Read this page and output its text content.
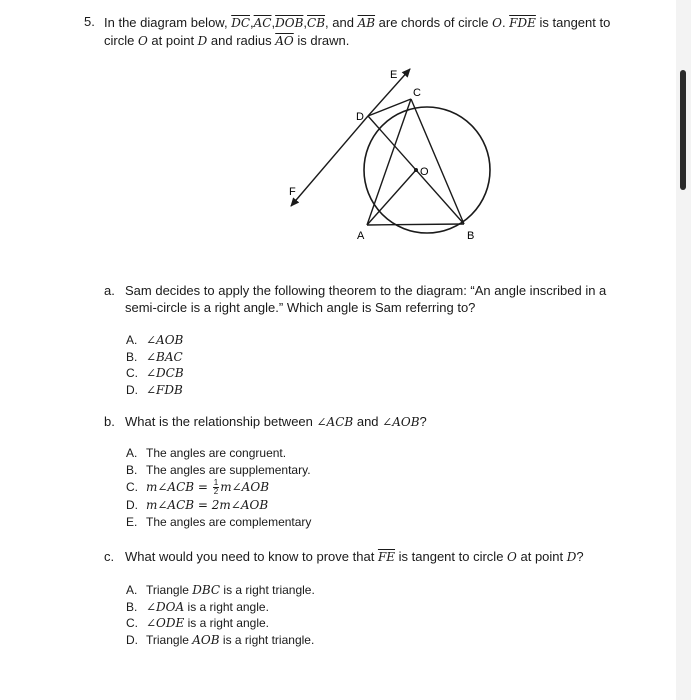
5. In the diagram below, $\overline{DC},\overline{AC},\overline{DOB},\overline{CB}$, and $\overline{AB}$ are chords of circle O. $\overline{FDE}$ is tangent to
circle O at point D and radius $\overline{AO}$ is drawn.
E
C
D
O
F
A	B
a. Sam decides to apply the following theorem to the diagram: “An angle inscribed in a
semi-circle is a right angle.” Which angle is Sam referring to?
A. ∠AOB
B. ∠BAC
C. ∠DCB
D. ∠FDB
b. What is the relationship between ∠ACB and ∠AOB?
A. The angles are congruent.
B. The angles are supplementary.
C. m∠ACB = $\frac{1}{2}$ m∠AOB
D. m∠ACB = 2m∠AOB
E. The angles are complementary
c. What would you need to know to prove that $\overline{FE}$ is tangent to circle O at point D?
A. Triangle DBC is a right triangle.
B. ∠DOA is a right angle.
C. ∠ODE is a right angle.
D. Triangle AOB is a right triangle.
